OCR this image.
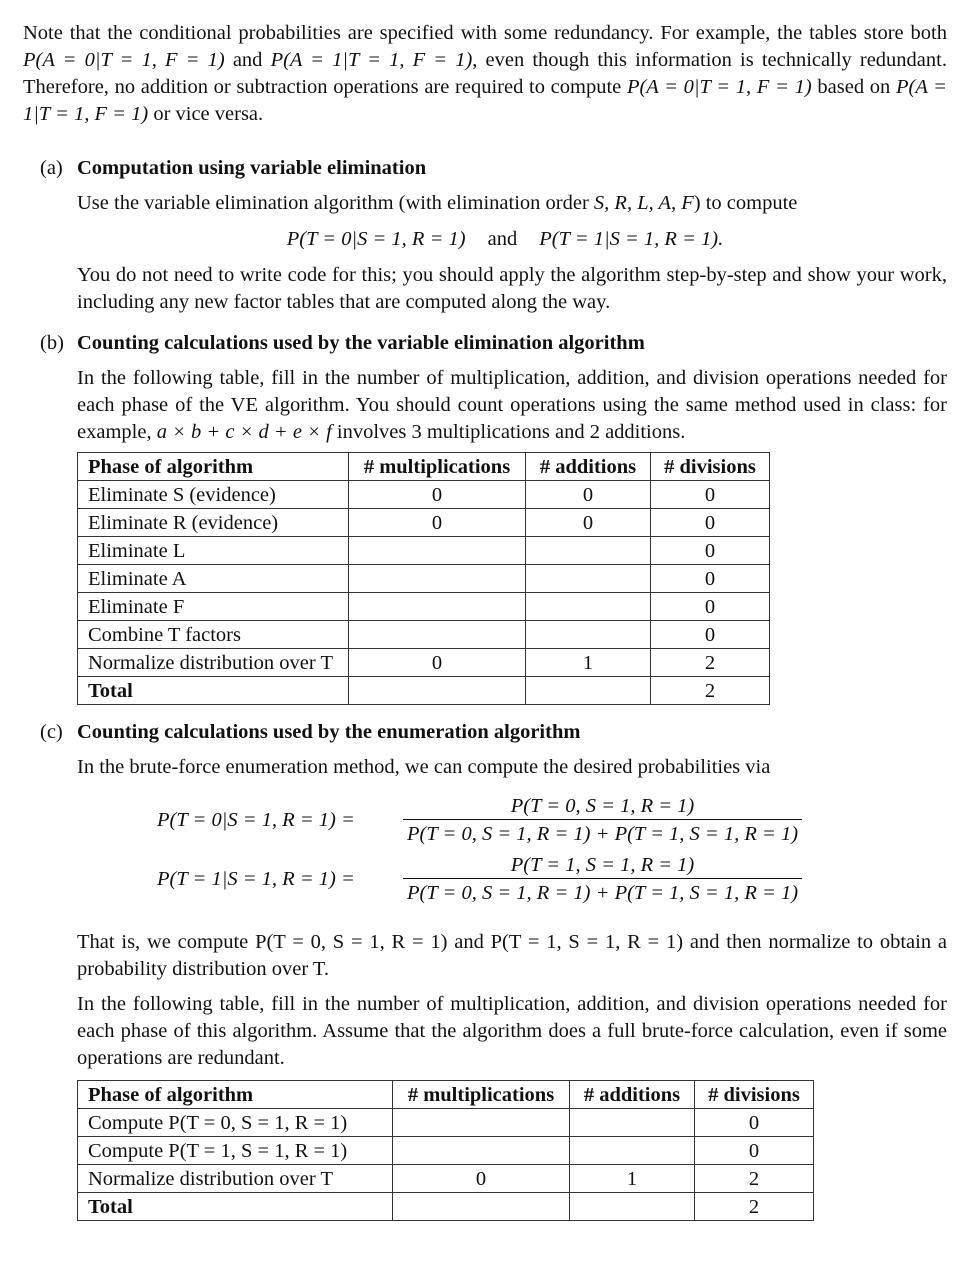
Note that the conditional probabilities are specified with some redundancy. For example, the tables store both P(A = 0|T = 1, F = 1) and P(A = 1|T = 1, F = 1), even though this information is technically redundant. Therefore, no addition or subtraction operations are required to compute P(A = 0|T = 1, F = 1) based on P(A = 1|T = 1, F = 1) or vice versa.

(a) Computation using variable elimination

Use the variable elimination algorithm (with elimination order S, R, L, A, F) to compute

P(T = 0|S = 1, R = 1) and P(T = 1|S = 1, R = 1).

You do not need to write code for this; you should apply the algorithm step-by-step and show your work, including any new factor tables that are computed along the way.

(b) Counting calculations used by the variable elimination algorithm

In the following table, fill in the number of multiplication, addition, and division operations needed for each phase of the VE algorithm. You should count operations using the same method used in class: for example, a × b + c × d + e × f involves 3 multiplications and 2 additions.

Phase of algorithm	# multiplications	# additions	# divisions
Eliminate S (evidence)	0	0	0
Eliminate R (evidence)	0	0	0
Eliminate L			0
Eliminate A			0
Eliminate F			0
Combine T factors			0
Normalize distribution over T	0	1	2
Total			2
(c) Counting calculations used by the enumeration algorithm

In the brute-force enumeration method, we can compute the desired probabilities via

P(T = 0|S = 1, R = 1) =	$\frac{P(T = 0, S = 1, R = 1)}{P(T = 0, S = 1, R = 1) + P(T = 1, S = 1, R = 1)}$
P(T = 1|S = 1, R = 1) =	$\frac{P(T = 1, S = 1, R = 1)}{P(T = 0, S = 1, R = 1) + P(T = 1, S = 1, R = 1)}$

That is, we compute P(T = 0, S = 1, R = 1) and P(T = 1, S = 1, R = 1) and then normalize to obtain a probability distribution over T.

In the following table, fill in the number of multiplication, addition, and division operations needed for each phase of this algorithm. Assume that the algorithm does a full brute-force calculation, even if some operations are redundant.

Phase of algorithm	# multiplications	# additions	# divisions
Compute P(T = 0, S = 1, R = 1)			0
Compute P(T = 1, S = 1, R = 1)			0
Normalize distribution over T	0	1	2
Total			2
